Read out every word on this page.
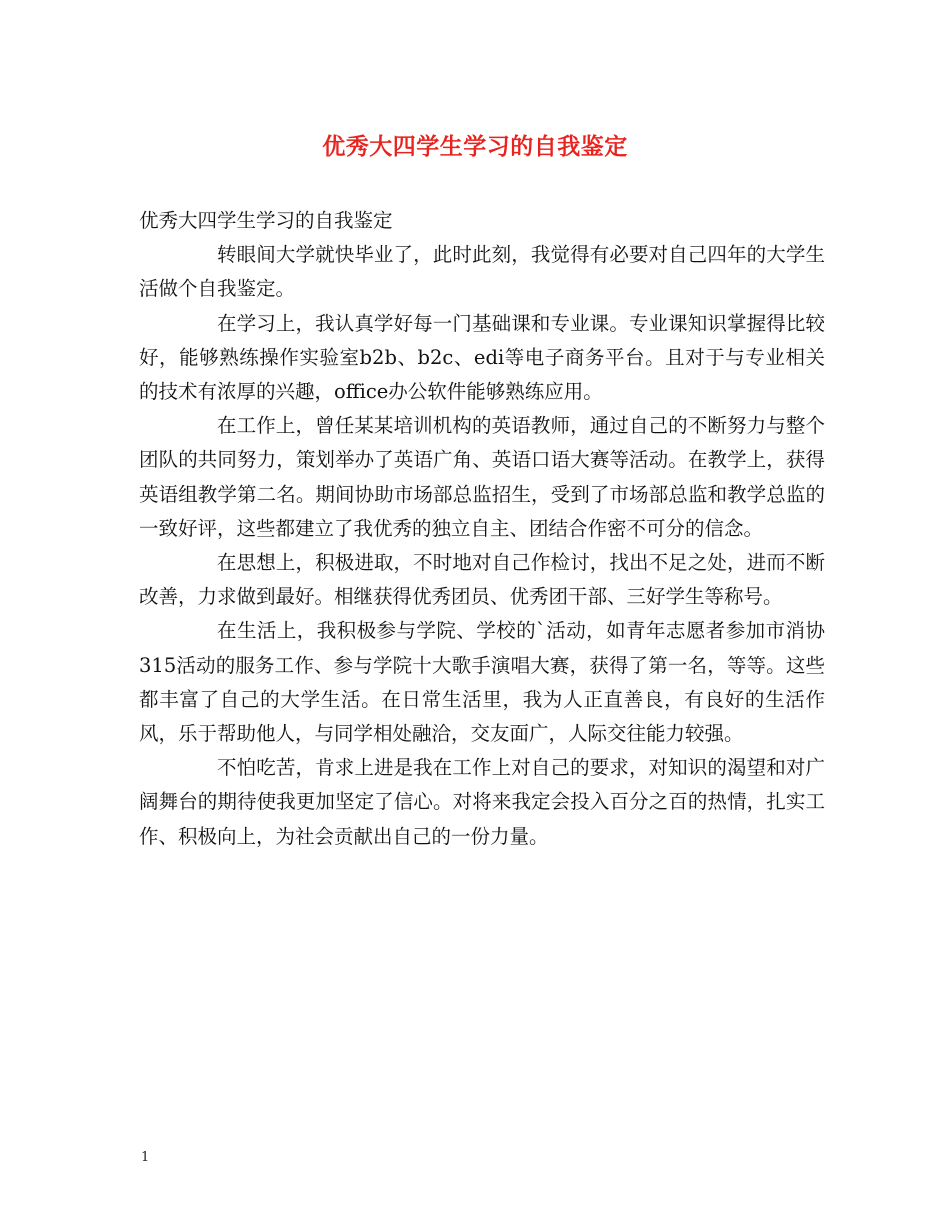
优秀大四学生学习的自我鉴定

优秀大四学生学习的自我鉴定

转眼间大学就快毕业了，此时此刻，我觉得有必要对自己四年的大学生活做个自我鉴定。

在学习上，我认真学好每一门基础课和专业课。专业课知识掌握得比较好，能够熟练操作实验室b2b、b2c、edi等电子商务平台。且对于与专业相关的技术有浓厚的兴趣，office办公软件能够熟练应用。

在工作上，曾任某某培训机构的英语教师，通过自己的不断努力与整个团队的共同努力，策划举办了英语广角、英语口语大赛等活动。在教学上，获得英语组教学第二名。期间协助市场部总监招生，受到了市场部总监和教学总监的一致好评，这些都建立了我优秀的独立自主、团结合作密不可分的信念。

在思想上，积极进取，不时地对自己作检讨，找出不足之处，进而不断改善，力求做到最好。相继获得优秀团员、优秀团干部、三好学生等称号。

在生活上，我积极参与学院、学校的`活动，如青年志愿者参加市消协315活动的服务工作、参与学院十大歌手演唱大赛，获得了第一名，等等。这些都丰富了自己的大学生活。在日常生活里，我为人正直善良，有良好的生活作风，乐于帮助他人，与同学相处融洽，交友面广，人际交往能力较强。

不怕吃苦，肯求上进是我在工作上对自己的要求，对知识的渴望和对广阔舞台的期待使我更加坚定了信心。对将来我定会投入百分之百的热情，扎实工作、积极向上，为社会贡献出自己的一份力量。

1
